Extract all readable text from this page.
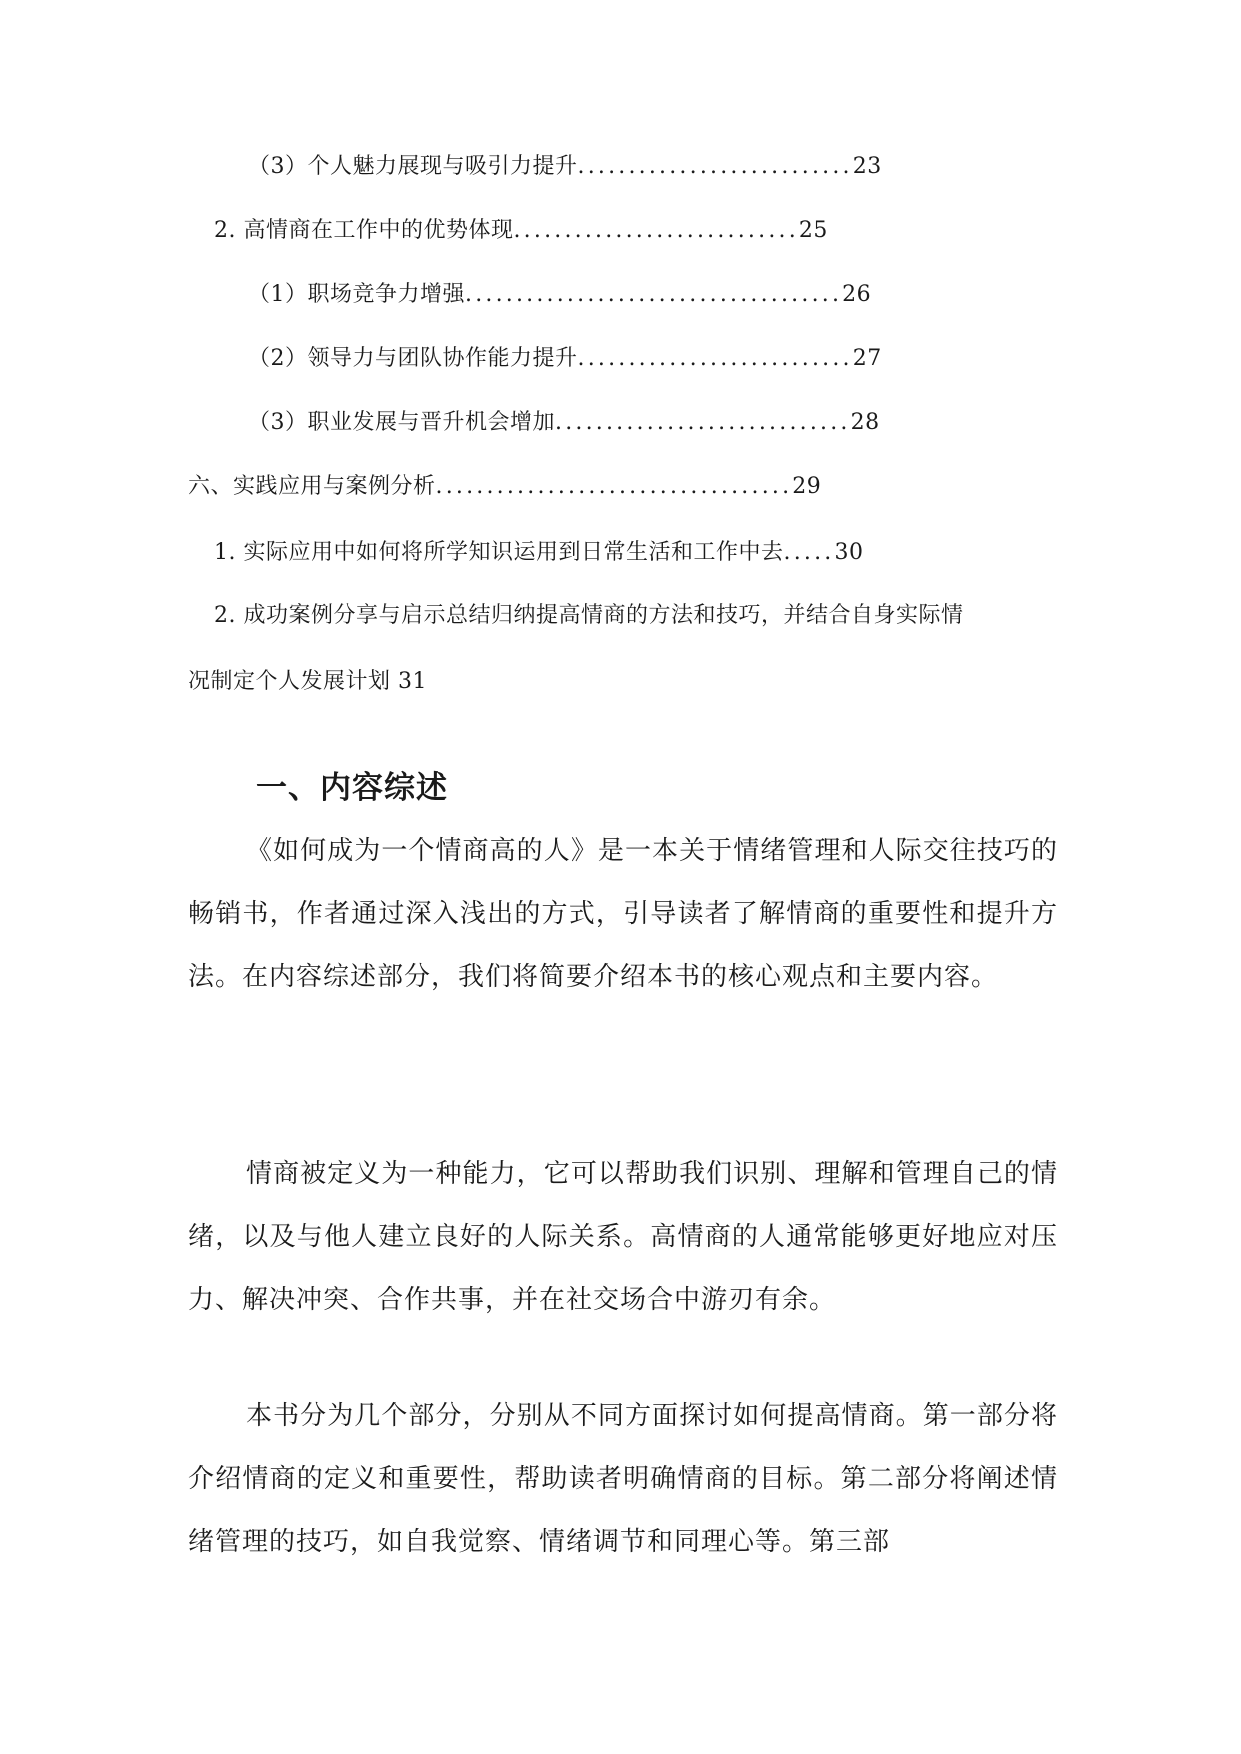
（3）个人魅力展现与吸引力提升...........................23
2. 高情商在工作中的优势体现............................25
（1）职场竞争力增强.....................................26
（2）领导力与团队协作能力提升...........................27
（3）职业发展与晋升机会增加.............................28
六、实践应用与案例分析...................................29
1. 实际应用中如何将所学知识运用到日常生活和工作中去.....30
2. 成功案例分享与启示总结归纳提高情商的方法和技巧，并结合自身实际情
况制定个人发展计划 31
一、内容综述

《如何成为一个情商高的人》是一本关于情绪管理和人际交往技巧的畅销书，作者通过深入浅出的方式，引导读者了解情商的重要性和提升方法。在内容综述部分，我们将简要介绍本书的核心观点和主要内容。

情商被定义为一种能力，它可以帮助我们识别、理解和管理自己的情绪，以及与他人建立良好的人际关系。高情商的人通常能够更好地应对压力、解决冲突、合作共事，并在社交场合中游刃有余。

本书分为几个部分，分别从不同方面探讨如何提高情商。第一部分将介绍情商的定义和重要性，帮助读者明确情商的目标。第二部分将阐述情绪管理的技巧，如自我觉察、情绪调节和同理心等。第三部
